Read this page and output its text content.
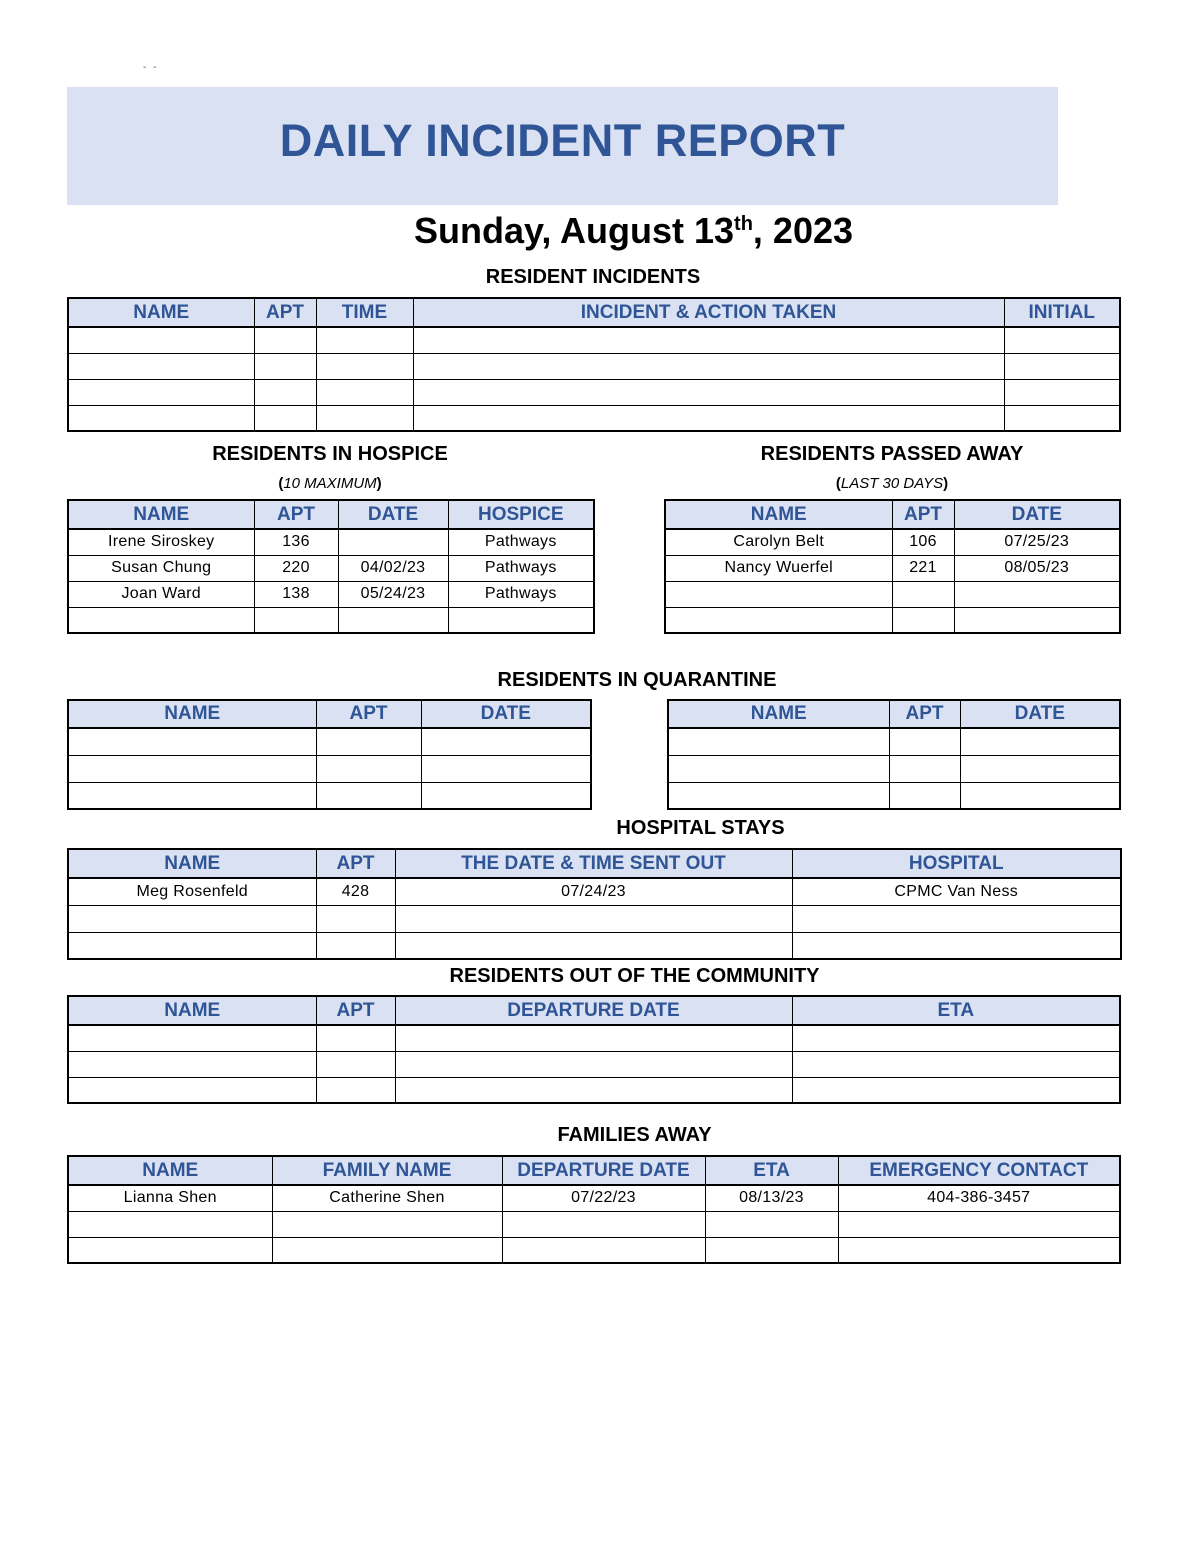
- -
DAILY INCIDENT REPORT
Sunday, August 13th, 2023
RESIDENT INCIDENTS
NAME	APT	TIME	INCIDENT & ACTION TAKEN	INITIAL

RESIDENTS IN HOSPICE
(10 MAXIMUM)
NAME	APT	DATE	HOSPICE
Irene Siroskey	136		Pathways
Susan Chung	220	04/02/23	Pathways
Joan Ward	138	05/24/23	Pathways

RESIDENTS PASSED AWAY
(LAST 30 DAYS)
NAME	APT	DATE
Carolyn Belt	106	07/25/23
Nancy Wuerfel	221	08/05/23

RESIDENTS IN QUARANTINE
NAME	APT	DATE

			NAME	APT	DATE

HOSPITAL STAYS
NAME	APT	THE DATE & TIME SENT OUT	HOSPITAL
Meg Rosenfeld	428	07/24/23	CPMC Van Ness

RESIDENTS OUT OF THE COMMUNITY
NAME	APT	DEPARTURE DATE	ETA

FAMILIES AWAY
NAME	FAMILY NAME	DEPARTURE DATE	ETA	EMERGENCY CONTACT
Lianna Shen	Catherine Shen	07/22/23	08/13/23	404-386-3457
